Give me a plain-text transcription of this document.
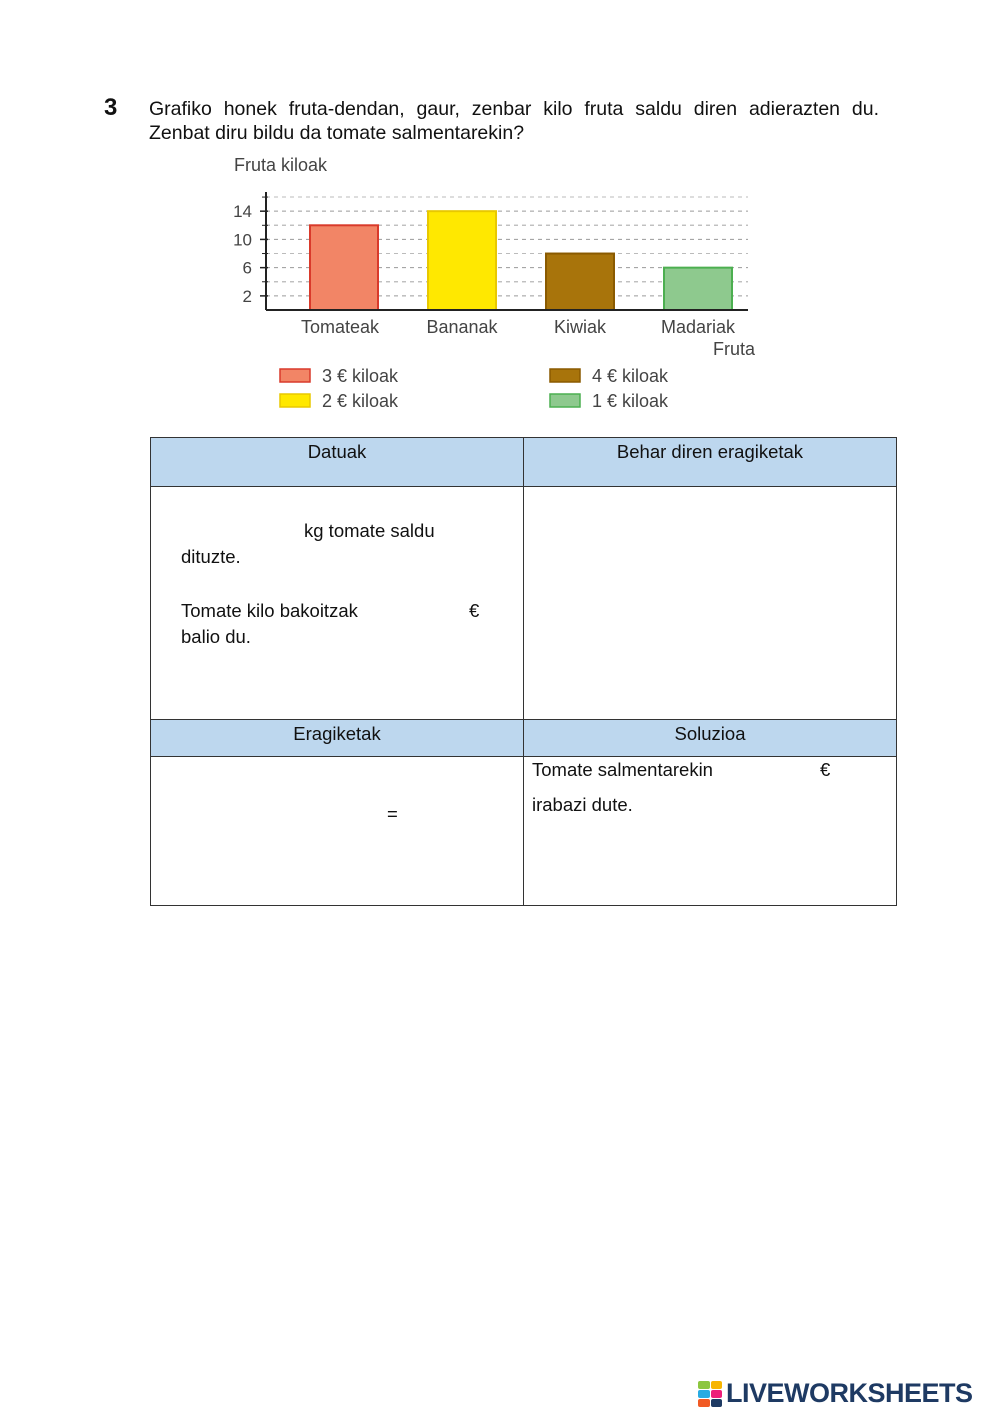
3 Grafiko honek fruta-dendan, gaur, zenbar kilo fruta saldu diren adierazten du. Zenbat diru bildu da tomate salmentarekin?
Fruta kiloak
2
6
10
14
Tomateak	Bananak	Kiwiak	Madariak
Fruta
3 € kiloak
2 € kiloak
4 € kiloak
1 € kiloak
Datuak	Behar diren eragiketak

kg tomate saldu
dituzte.
Tomate kilo bakoitzak €
balio du.	

Eragiketak	Soluzioa

=	Tomate salmentarekin €
irabazi dute.
LIVEWORKSHEETS
